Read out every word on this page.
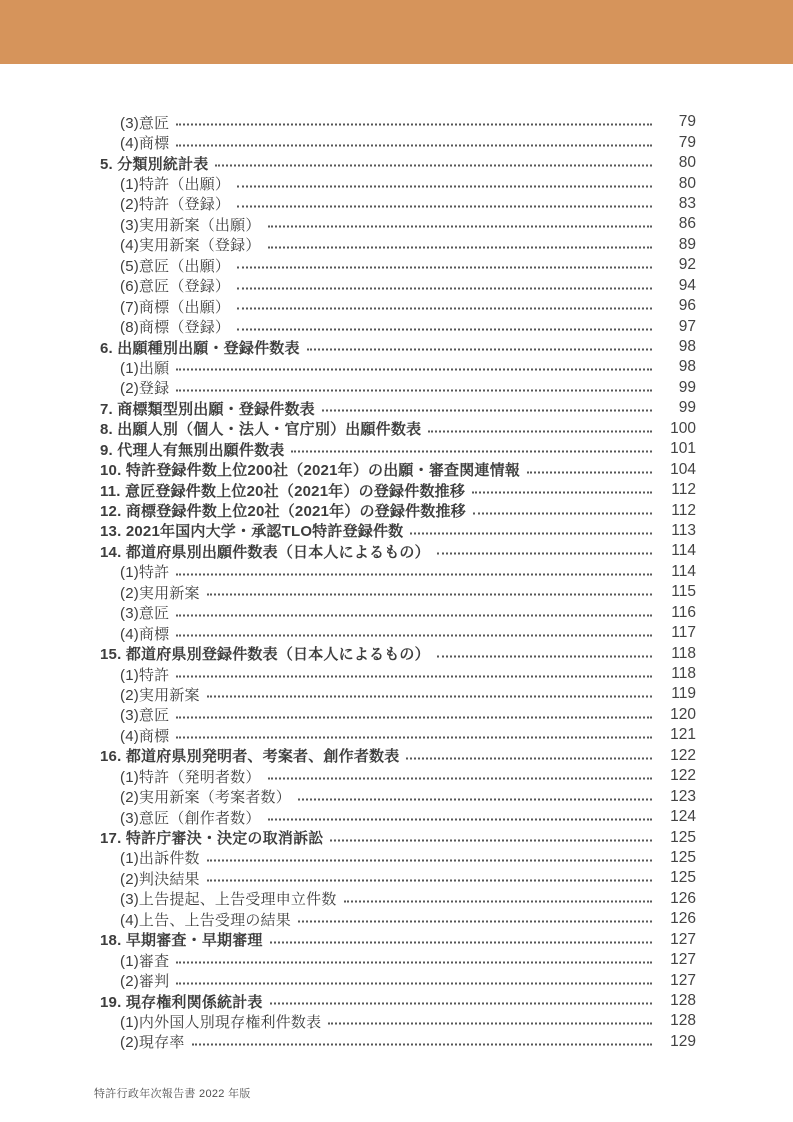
(3)意匠	79
(4)商標	79
5. 分類別統計表	80
(1)特許（出願）	80
(2)特許（登録）	83
(3)実用新案（出願）	86
(4)実用新案（登録）	89
(5)意匠（出願）	92
(6)意匠（登録）	94
(7)商標（出願）	96
(8)商標（登録）	97
6. 出願種別出願・登録件数表	98
(1)出願	98
(2)登録	99
7. 商標類型別出願・登録件数表	99
8. 出願人別（個人・法人・官庁別）出願件数表	100
9. 代理人有無別出願件数表	101
10. 特許登録件数上位200社（2021年）の出願・審査関連情報	104
11. 意匠登録件数上位20社（2021年）の登録件数推移	112
12. 商標登録件数上位20社（2021年）の登録件数推移	112
13. 2021年国内大学・承認TLO特許登録件数	113
14. 都道府県別出願件数表（日本人によるもの）	114
(1)特許	114
(2)実用新案	115
(3)意匠	116
(4)商標	117
15. 都道府県別登録件数表（日本人によるもの）	118
(1)特許	118
(2)実用新案	119
(3)意匠	120
(4)商標	121
16. 都道府県別発明者、考案者、創作者数表	122
(1)特許（発明者数）	122
(2)実用新案（考案者数）	123
(3)意匠（創作者数）	124
17. 特許庁審決・決定の取消訴訟	125
(1)出訴件数	125
(2)判決結果	125
(3)上告提起、上告受理申立件数	126
(4)上告、上告受理の結果	126
18. 早期審査・早期審理	127
(1)審査	127
(2)審判	127
19. 現存権利関係統計表	128
(1)内外国人別現存権利件数表	128
(2)現存率	129
特許行政年次報告書 2022 年版
